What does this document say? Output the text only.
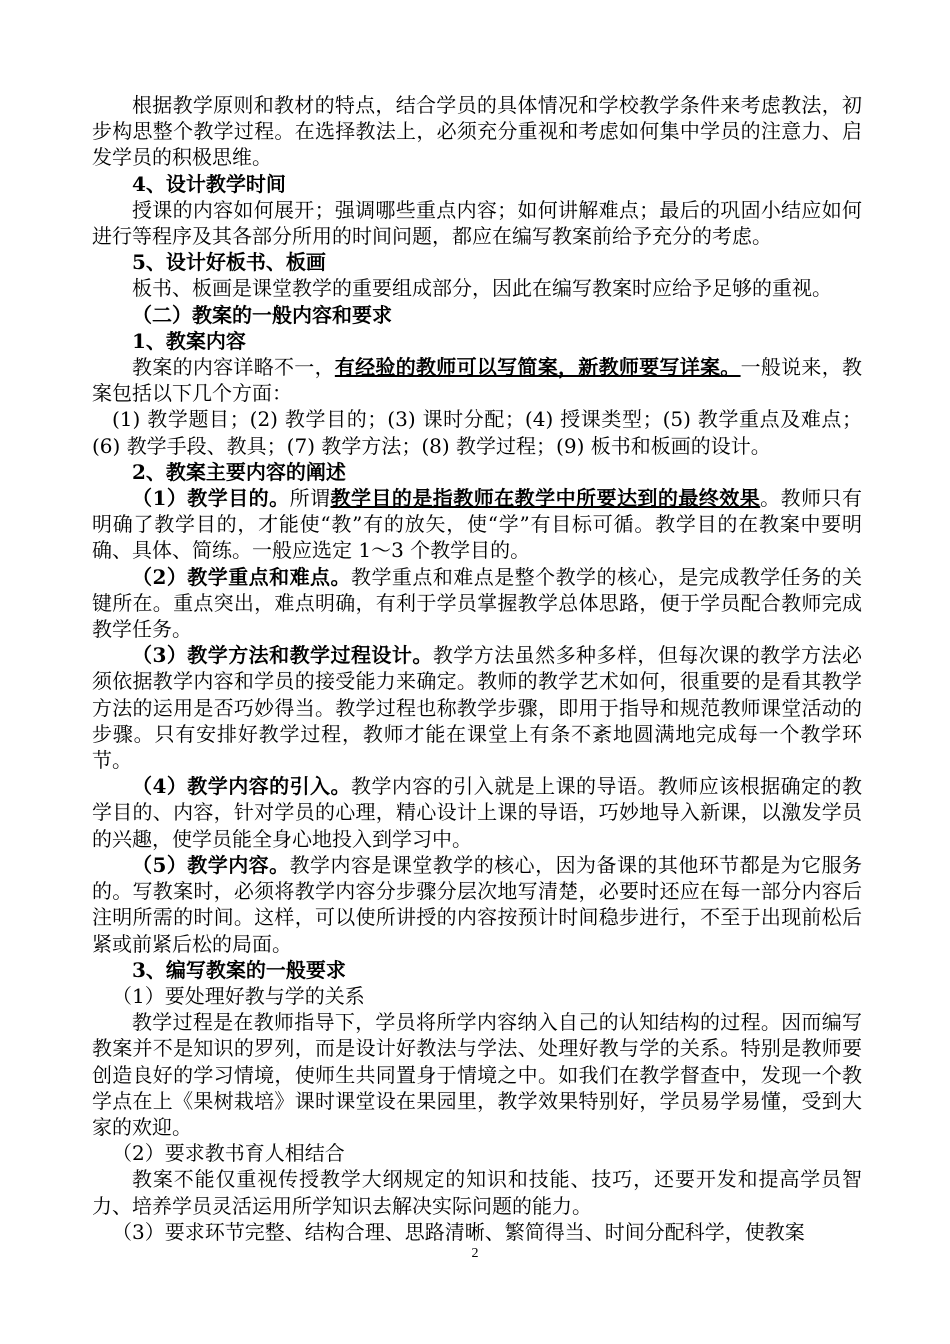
根据教学原则和教材的特点，结合学员的具体情况和学校教学条件来考虑教法，初步构思整个教学过程。在选择教法上，必须充分重视和考虑如何集中学员的注意力、启发学员的积极思维。

4、设计教学时间

授课的内容如何展开；强调哪些重点内容；如何讲解难点；最后的巩固小结应如何进行等程序及其各部分所用的时间问题，都应在编写教案前给予充分的考虑。

5、设计好板书、板画

板书、板画是课堂教学的重要组成部分，因此在编写教案时应给予足够的重视。

（二）教案的一般内容和要求

1、教案内容

教案的内容详略不一，有经验的教师可以写简案，新教师要写详案。一般说来，教案包括以下几个方面：

(1) 教学题目；(2) 教学目的；(3) 课时分配；(4) 授课类型；(5) 教学重点及难点；(6) 教学手段、教具；(7) 教学方法；(8) 教学过程；(9) 板书和板画的设计。

2、教案主要内容的阐述

（1）教学目的。所谓教学目的是指教师在教学中所要达到的最终效果。教师只有明确了教学目的，才能使“教”有的放矢，使“学”有目标可循。教学目的在教案中要明确、具体、简练。一般应选定 1～3 个教学目的。

（2）教学重点和难点。教学重点和难点是整个教学的核心，是完成教学任务的关键所在。重点突出，难点明确，有利于学员掌握教学总体思路，便于学员配合教师完成教学任务。

（3）教学方法和教学过程设计。教学方法虽然多种多样，但每次课的教学方法必须依据教学内容和学员的接受能力来确定。教师的教学艺术如何，很重要的是看其教学方法的运用是否巧妙得当。教学过程也称教学步骤，即用于指导和规范教师课堂活动的步骤。只有安排好教学过程，教师才能在课堂上有条不紊地圆满地完成每一个教学环节。

（4）教学内容的引入。教学内容的引入就是上课的导语。教师应该根据确定的教学目的、内容，针对学员的心理，精心设计上课的导语，巧妙地导入新课，以激发学员的兴趣，使学员能全身心地投入到学习中。

（5）教学内容。教学内容是课堂教学的核心，因为备课的其他环节都是为它服务的。写教案时，必须将教学内容分步骤分层次地写清楚，必要时还应在每一部分内容后注明所需的时间。这样，可以使所讲授的内容按预计时间稳步进行，不至于出现前松后紧或前紧后松的局面。

3、编写教案的一般要求

（1）要处理好教与学的关系

教学过程是在教师指导下，学员将所学内容纳入自己的认知结构的过程。因而编写教案并不是知识的罗列，而是设计好教法与学法、处理好教与学的关系。特别是教师要创造良好的学习情境，使师生共同置身于情境之中。如我们在教学督查中，发现一个教学点在上《果树栽培》课时课堂设在果园里，教学效果特别好，学员易学易懂，受到大家的欢迎。

（2）要求教书育人相结合

教案不能仅重视传授教学大纲规定的知识和技能、技巧，还要开发和提高学员智力、培养学员灵活运用所学知识去解决实际问题的能力。

（3）要求环节完整、结构合理、思路清晰、繁简得当、时间分配科学，使教案

2
